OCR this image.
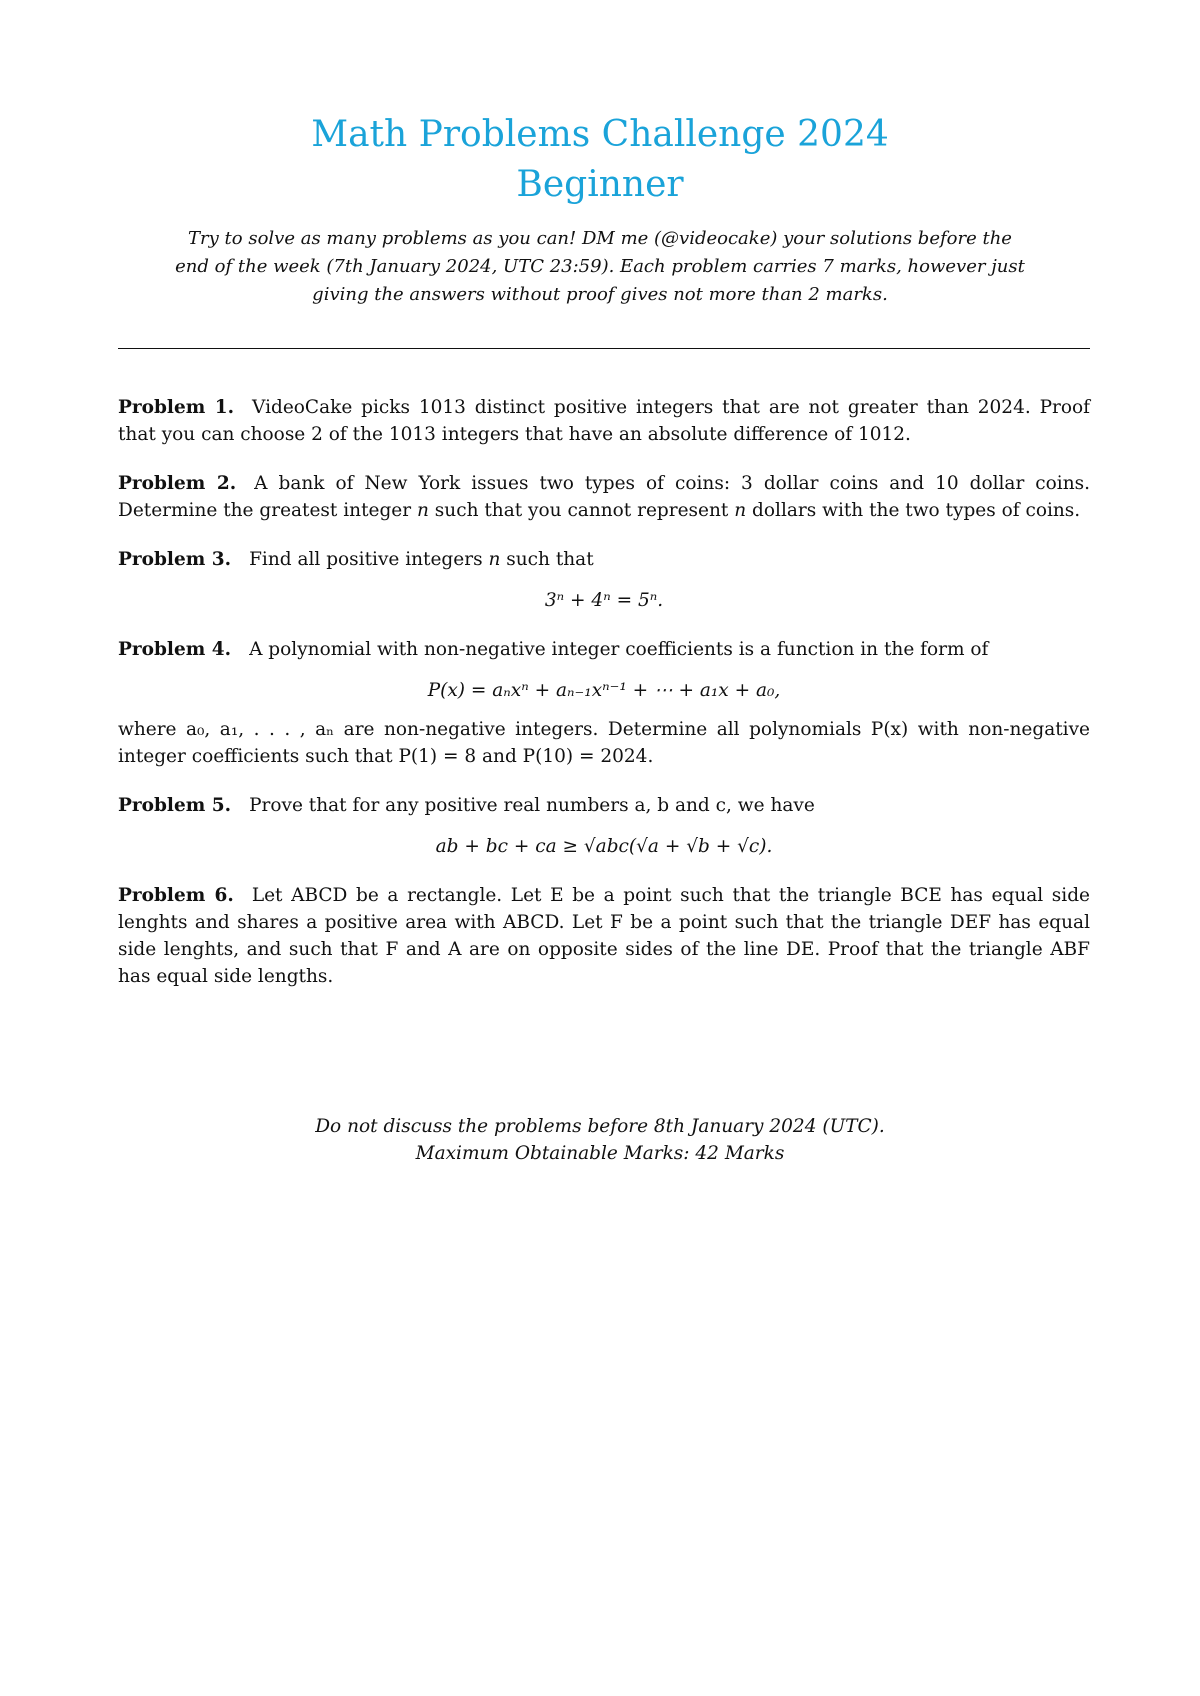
Math Problems Challenge 2024
Beginner

Try to solve as many problems as you can! DM me (@videocake) your solutions before the end of the week (7th January 2024, UTC 23:59). Each problem carries 7 marks, however just giving the answers without proof gives not more than 2 marks.

Problem 1. VideoCake picks 1013 distinct positive integers that are not greater than 2024. Proof that you can choose 2 of the 1013 integers that have an absolute difference of 1012.

Problem 2. A bank of New York issues two types of coins: 3 dollar coins and 10 dollar coins. Determine the greatest integer n such that you cannot represent n dollars with the two types of coins.

Problem 3. Find all positive integers n such that

3ⁿ + 4ⁿ = 5ⁿ.

Problem 4. A polynomial with non-negative integer coefficients is a function in the form of

P(x) = aₙxⁿ + aₙ₋₁xⁿ⁻¹ + ⋯ + a₁x + a₀,

where a₀, a₁, . . . , aₙ are non-negative integers. Determine all polynomials P(x) with non-negative integer coefficients such that P(1) = 8 and P(10) = 2024.

Problem 5. Prove that for any positive real numbers a, b and c, we have

ab + bc + ca ≥ √abc(√a + √b + √c).

Problem 6. Let ABCD be a rectangle. Let E be a point such that the triangle BCE has equal side lenghts and shares a positive area with ABCD. Let F be a point such that the triangle DEF has equal side lenghts, and such that F and A are on opposite sides of the line DE. Proof that the triangle ABF has equal side lengths.

Do not discuss the problems before 8th January 2024 (UTC).

Maximum Obtainable Marks: 42 Marks
